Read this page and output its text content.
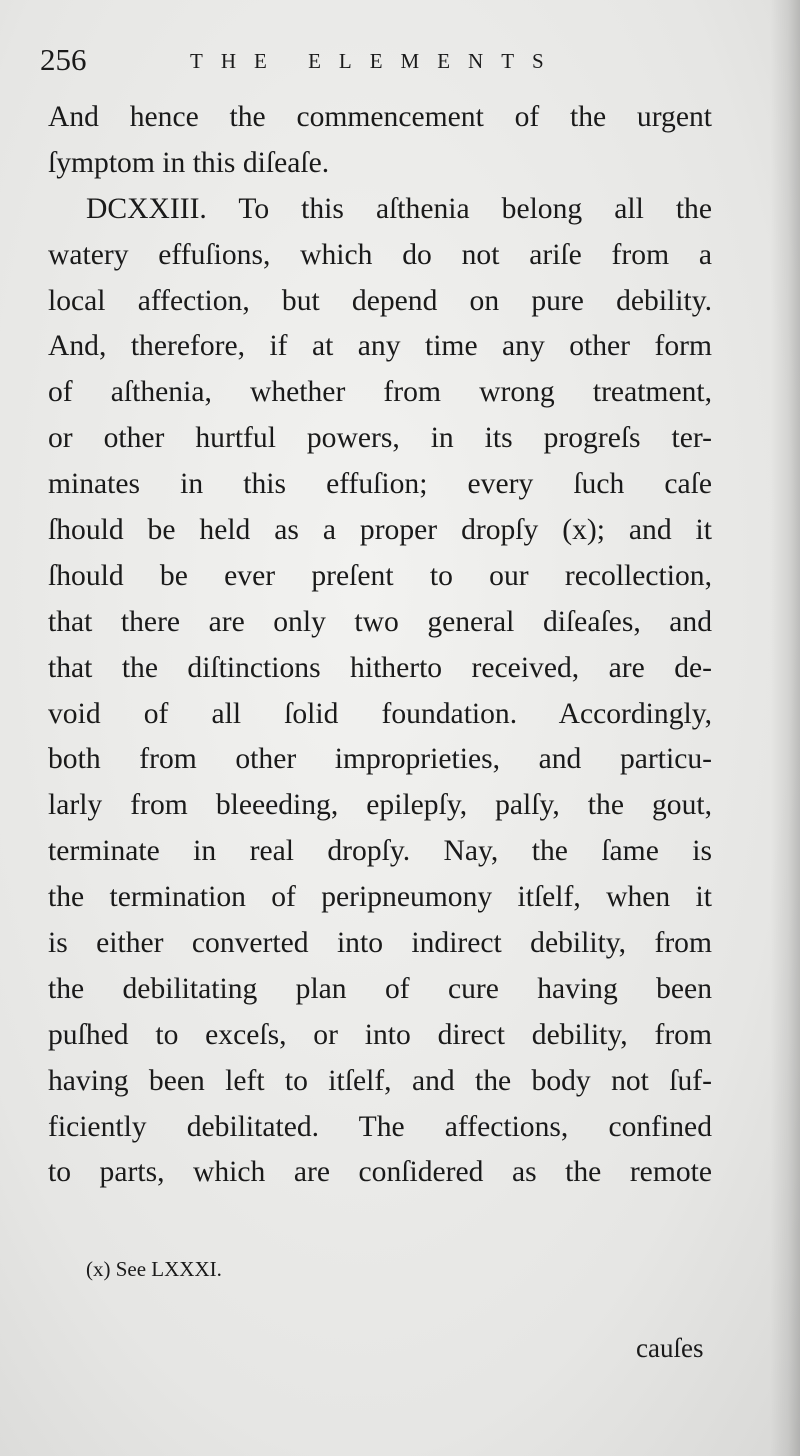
256	THE ELEMENTS
And hence the commencement of the urgent
ſymptom in this diſeaſe.
DCXXIII. To this aſthenia belong all the
watery effuſions, which do not ariſe from a
local affection, but depend on pure debility.
And, therefore, if at any time any other form
of aſthenia, whether from wrong treatment,
or other hurtful powers, in its progreſs ter-
minates in this effuſion; every ſuch caſe
ſhould be held as a proper dropſy (x); and it
ſhould be ever preſent to our recollection,
that there are only two general diſeaſes, and
that the diſtinctions hitherto received, are de-
void of all ſolid foundation. Accordingly,
both from other improprieties, and particu-
larly from bleeeding, epilepſy, palſy, the gout,
terminate in real dropſy. Nay, the ſame is
the termination of peripneumony itſelf, when it
is either converted into indirect debility, from
the debilitating plan of cure having been
puſhed to exceſs, or into direct debility, from
having been left to itſelf, and the body not ſuf-
ficiently debilitated. The affections, confined
to parts, which are conſidered as the remote
(x) See LXXXI.
cauſes
